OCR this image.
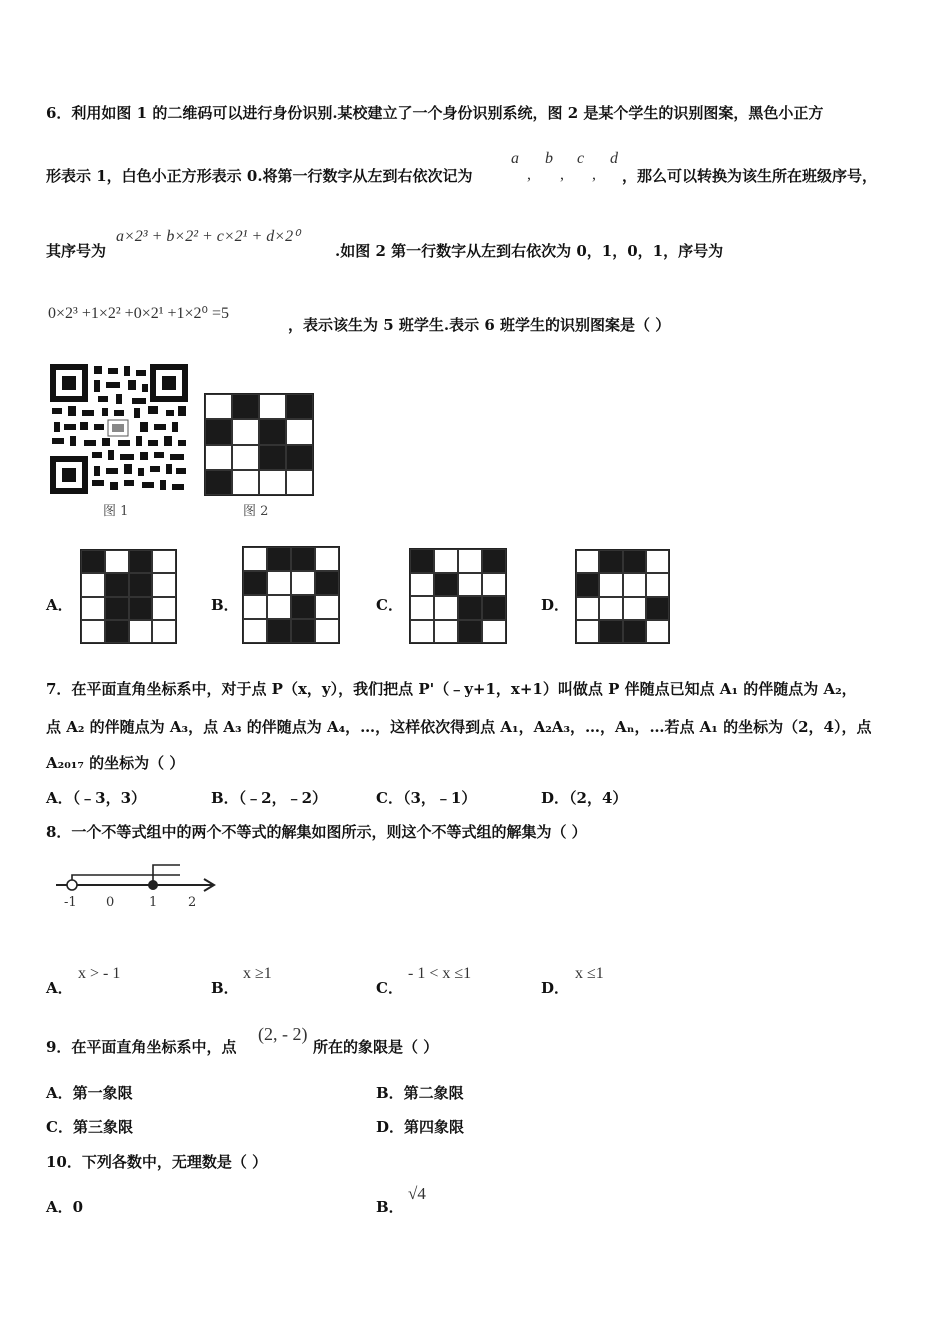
6．利用如图 1 的二维码可以进行身份识别.某校建立了一个身份识别系统，图 2 是某个学生的识别图案，黑色小正方
形表示 1，白色小正方形表示 0.将第一行数字从左到右依次记为
a
,
b
,
c
,
d
，那么可以转换为该生所在班级序号，
其序号为
a×2³ + b×2² + c×2¹ + d×2⁰
.如图 2 第一行数字从左到右依次为 0，1，0，1，序号为
0×2³ +1×2² +0×2¹ +1×2⁰ =5
，表示该生为 5 班学生.表示 6 班学生的识别图案是（ ）
图 1	图 2
A．	B．	C．	D．
7．在平面直角坐标系中，对于点 P（x，y），我们把点 P'（﹣y+1，x+1）叫做点 P 伴随点已知点 A₁ 的伴随点为 A₂，
点 A₂ 的伴随点为 A₃，点 A₃ 的伴随点为 A₄，…，这样依次得到点 A₁，A₂A₃，…，Aₙ，…若点 A₁ 的坐标为（2，4），点
A₂₀₁₇ 的坐标为（ ）
A．（﹣3，3）	B．（﹣2，﹣2）	C．（3，﹣1）	D．（2，4）
8．一个不等式组中的两个不等式的解集如图所示，则这个不等式组的解集为（ ）
-1 0	1 2
A．
x > - 1
B．
x ≥1
C．
- 1 < x ≤1
D．
x ≤1
9．在平面直角坐标系中，点
(2, - 2)
所在的象限是（ ）
A．第一象限	B．第二象限
C．第三象限	D．第四象限
10．下列各数中，无理数是（ ）
A．0	B．
√4
